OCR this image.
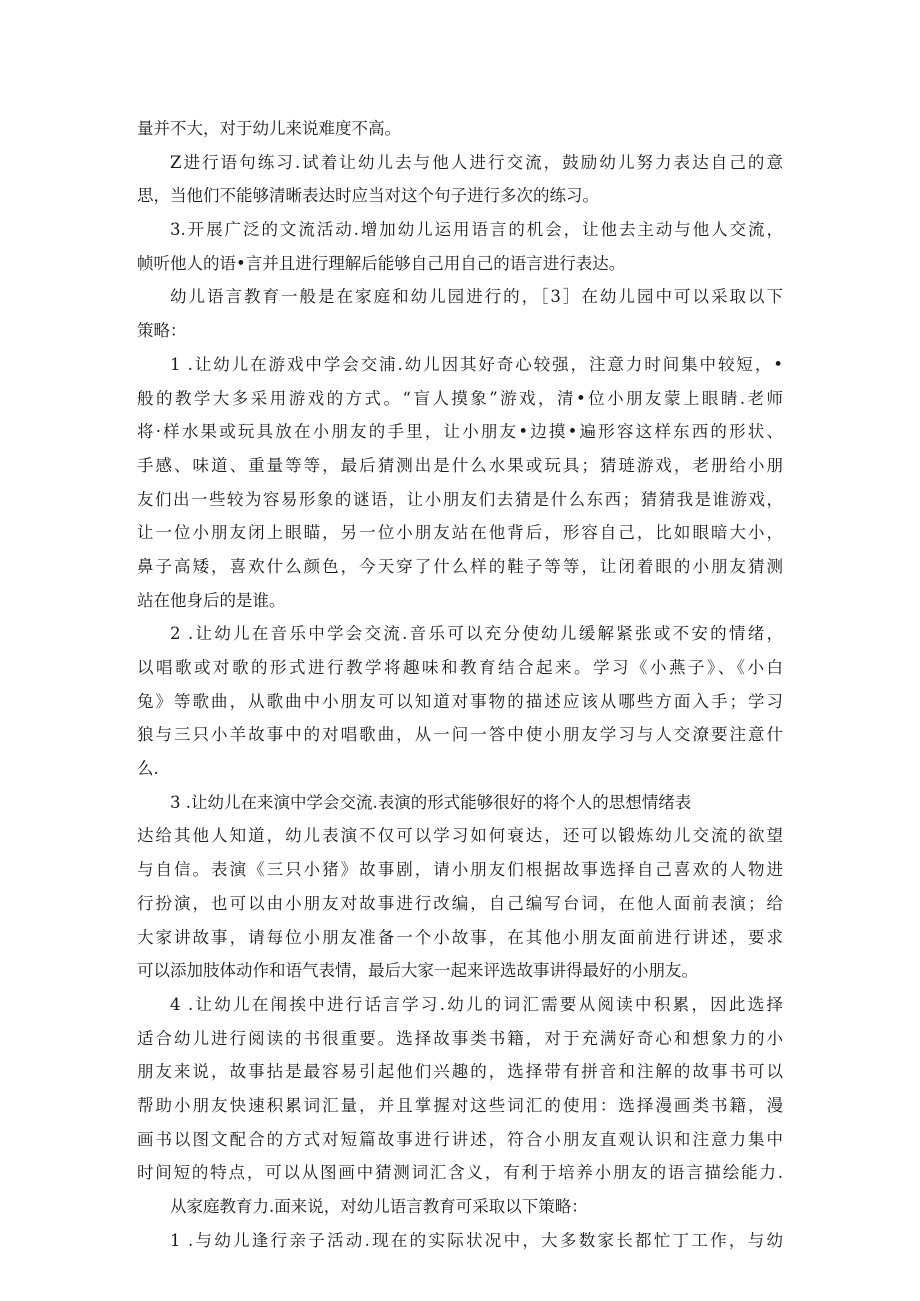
量并不大，对于幼儿来说难度不高。
Z进行语句练习.试着让幼儿去与他人进行交流，鼓励幼儿努力表达自己的意
思，当他们不能够清晰表达时应当对这个句子进行多次的练习。
3.开展广泛的文流活动.增加幼儿运用语言的机会，让他去主动与他人交流，
帧听他人的语•言并且进行理解后能够自己用自己的语言进行表达。
幼儿语言教育一般是在家庭和幼儿园进行的，［3］在幼儿园中可以采取以下
策略：
1 .让幼儿在游戏中学会交浦.幼儿因其好奇心较强，注意力时间集中较短，•
般的教学大多采用游戏的方式。“盲人摸象”游戏，清•位小朋友蒙上眼睛.老师
将·样水果或玩具放在小朋友的手里，让小朋友•边摸•遍形容这样东西的形状、
手感、味道、重量等等，最后猜测出是什么水果或玩具；猜琏游戏，老册给小朋
友们出一些较为容易形象的谜语，让小朋友们去猜是什么东西；猜猜我是谁游戏，
让一位小朋友闭上眼瞄，另一位小朋友站在他背后，形容自己，比如眼暗大小，
鼻子高矮，喜欢什么颜色，今天穿了什么样的鞋子等等，让闭着眼的小朋友猜测
站在他身后的是谁。
2 .让幼儿在音乐中学会交流.音乐可以充分使幼儿缓解紧张或不安的情绪，
以唱歌或对歌的形式进行教学将趣味和教育结合起来。学习《小燕子》、《小白
兔》等歌曲，从歌曲中小朋友可以知道对事物的描述应该从哪些方面入手；学习
狼与三只小羊故事中的对唱歌曲，从一问一答中使小朋友学习与人交潦要注意什
么.
3 .让幼儿在来演中学会交流.表演的形式能够很好的将个人的思想情绪表
达给其他人知道，幼儿表演不仅可以学习如何衰达，还可以锻炼幼儿交流的欲望
与自信。表演《三只小猪》故事剧，请小朋友们根据故事选择自己喜欢的人物进
行扮演，也可以由小朋友对故事进行改编，自己编写台词，在他人面前表演；给
大家讲故事，请每位小朋友准备一个小故事，在其他小朋友面前进行讲述，要求
可以添加肢体动作和语气表情，最后大家一起来评选故事讲得最好的小朋友。
4 .让幼儿在闱挨中进行话言学习.幼儿的词汇需要从阅读中积累，因此选择
适合幼儿进行阅读的书很重要。选择故事类书籍，对于充满好奇心和想象力的小
朋友来说，故事拈是最容易引起他们兴趣的，选择带有拼音和注解的故事书可以
帮助小朋友快速积累词汇量，并且掌握对这些词汇的使用：选择漫画类书籍，漫
画书以图文配合的方式对短篇故事进行讲述，符合小朋友直观认识和注意力集中
时间短的特点，可以从图画中猜测词汇含义，有利于培养小朋友的语言描绘能力.
从家庭教育力.面来说，对幼儿语言教育可采取以下策略：
1 .与幼儿逢行亲子活动.现在的实际状况中，大多数家长都忙丁工作，与幼
